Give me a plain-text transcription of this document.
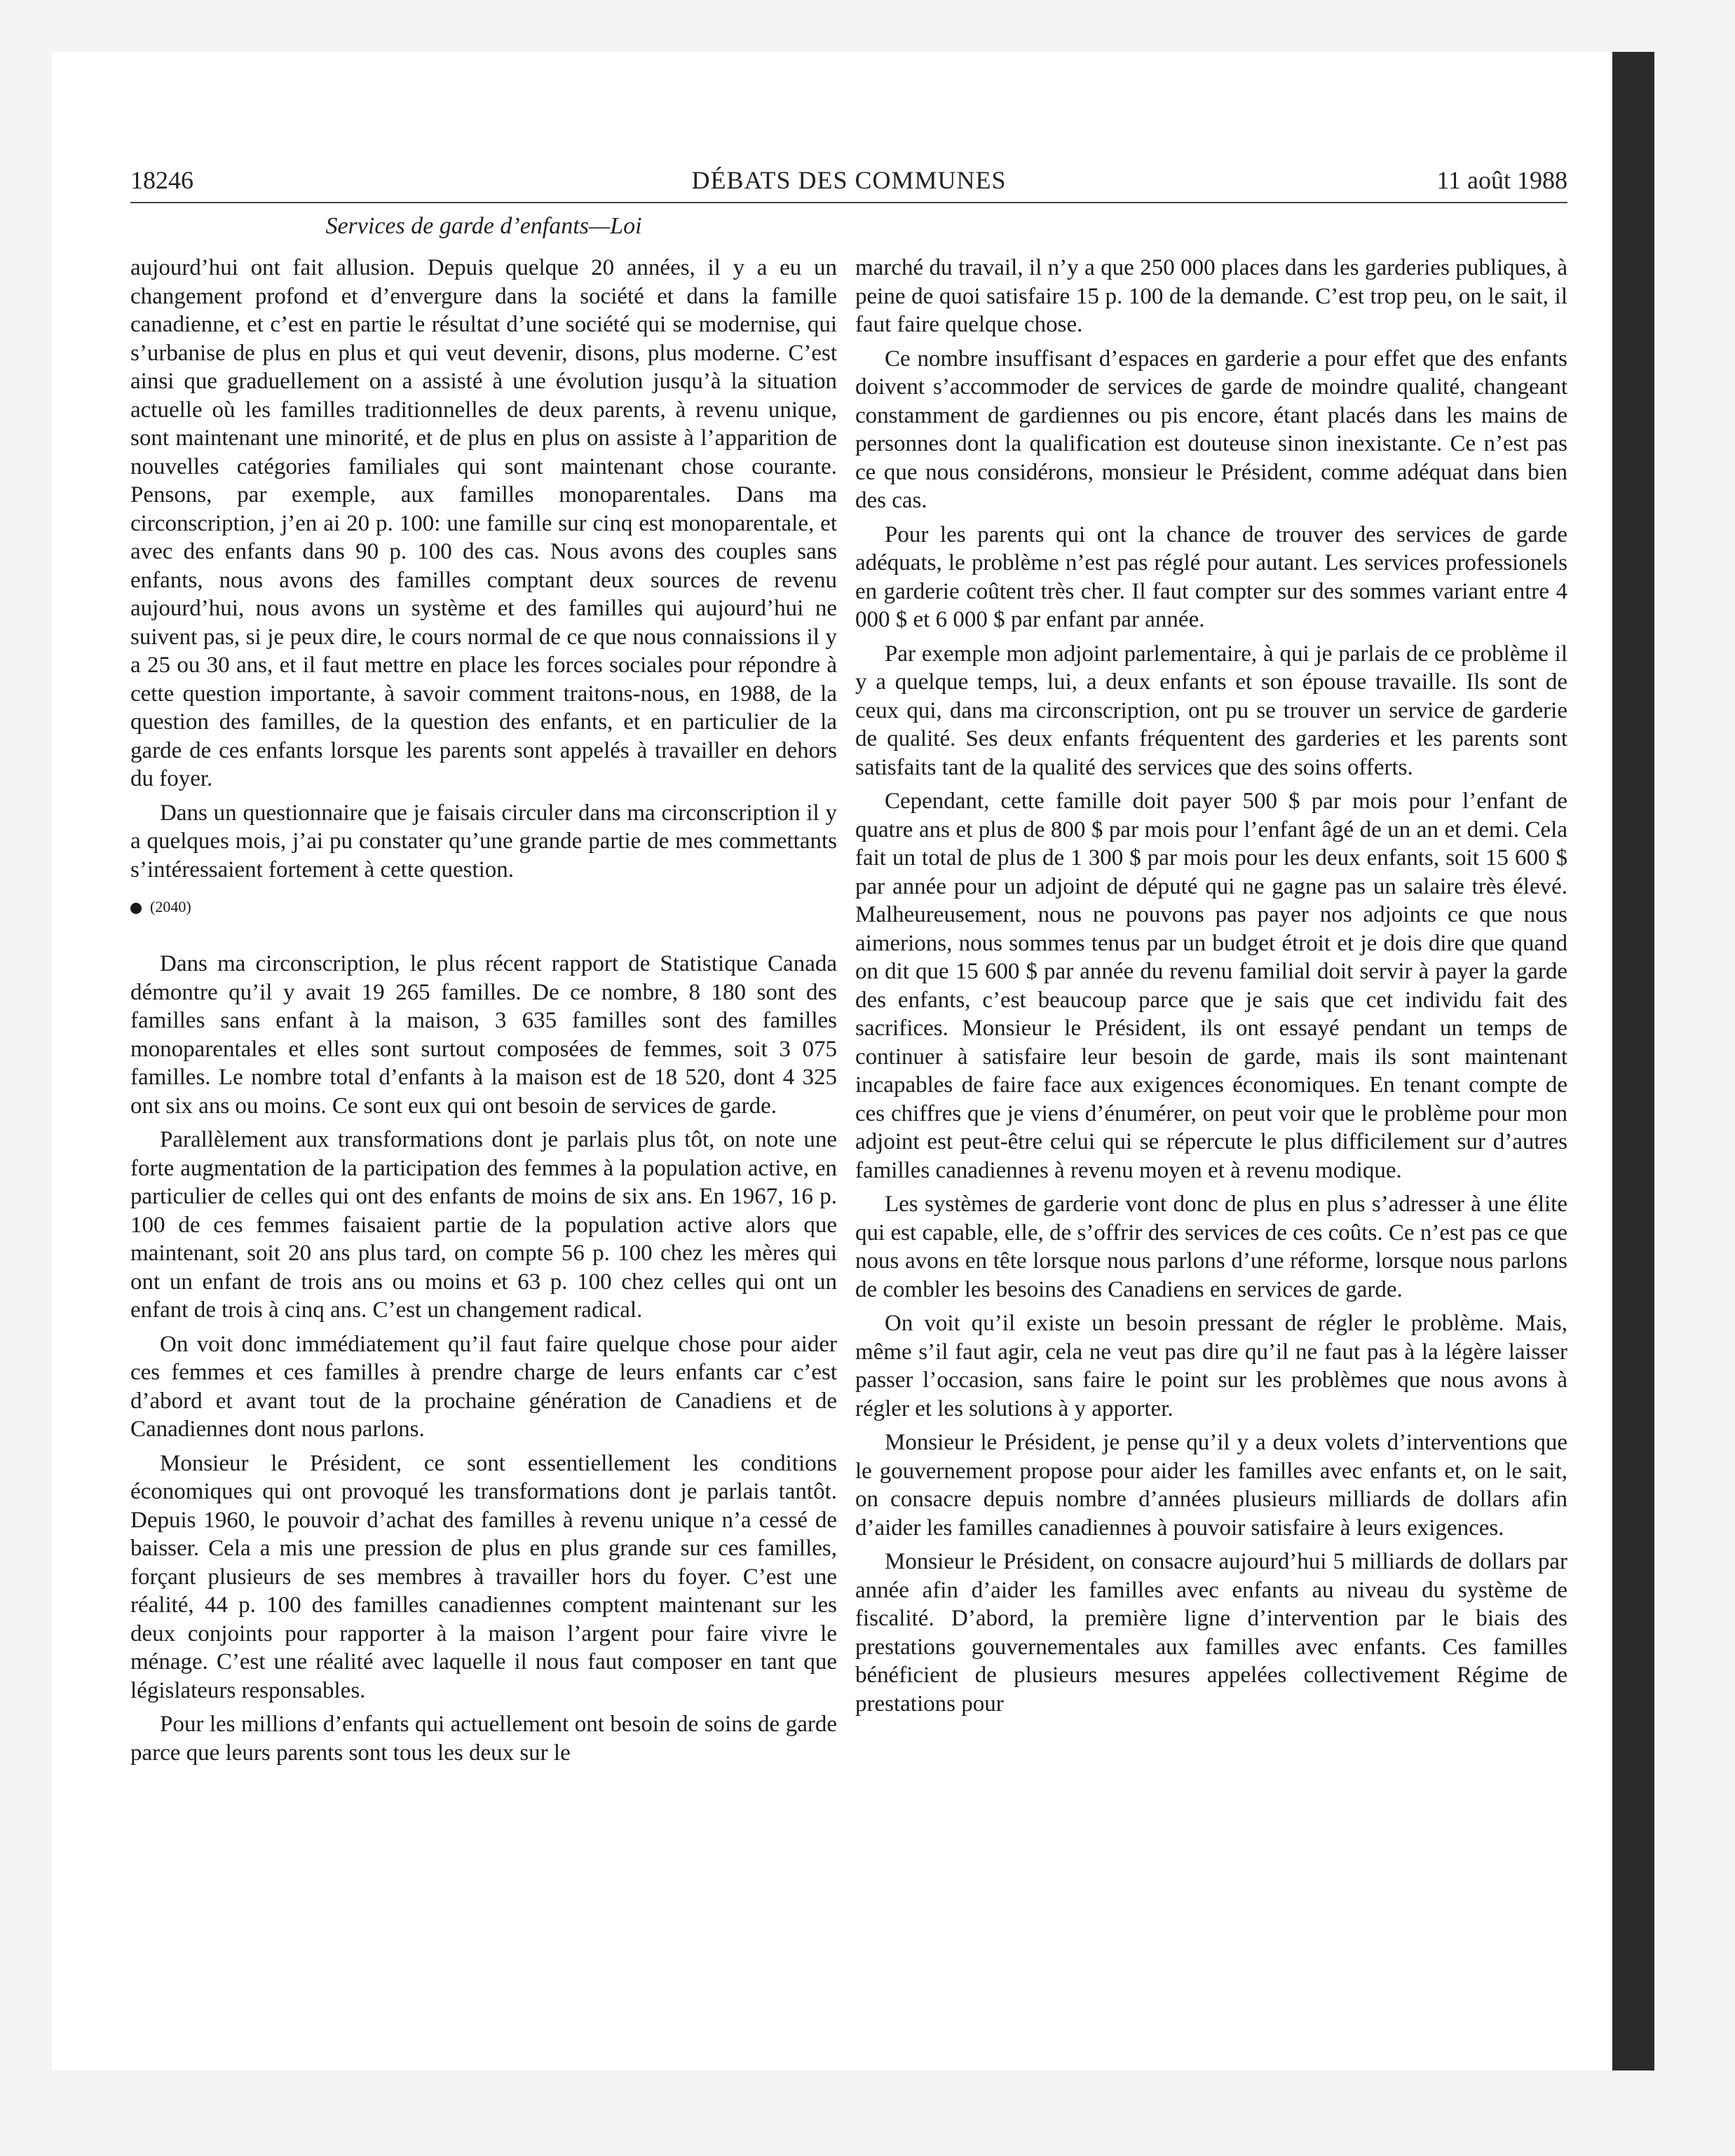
18246	DÉBATS DES COMMUNES	11 août 1988
Services de garde d’enfants—Loi

aujourd’hui ont fait allusion. Depuis quelque 20 années, il y a eu un changement profond et d’envergure dans la société et dans la famille canadienne, et c’est en partie le résultat d’une société qui se modernise, qui s’urbanise de plus en plus et qui veut devenir, disons, plus moderne. C’est ainsi que graduellement on a assisté à une évolution jusqu’à la situation actuelle où les familles traditionnelles de deux parents, à revenu unique, sont maintenant une minorité, et de plus en plus on assiste à l’apparition de nouvelles catégories familiales qui sont maintenant chose courante. Pensons, par exemple, aux familles monoparentales. Dans ma circonscription, j’en ai 20 p. 100: une famille sur cinq est monoparentale, et avec des enfants dans 90 p. 100 des cas. Nous avons des couples sans enfants, nous avons des familles comptant deux sources de revenu aujourd’hui, nous avons un système et des familles qui aujourd’hui ne suivent pas, si je peux dire, le cours normal de ce que nous connaissions il y a 25 ou 30 ans, et il faut mettre en place les forces sociales pour répondre à cette question importante, à savoir comment traitons-nous, en 1988, de la question des familles, de la question des enfants, et en particulier de la garde de ces enfants lorsque les parents sont appelés à travailler en dehors du foyer.

Dans un questionnaire que je faisais circuler dans ma circonscription il y a quelques mois, j’ai pu constater qu’une grande partie de mes commettants s’intéressaient fortement à cette question.

(2040)

Dans ma circonscription, le plus récent rapport de Statistique Canada démontre qu’il y avait 19 265 familles. De ce nombre, 8 180 sont des familles sans enfant à la maison, 3 635 familles sont des familles monoparentales et elles sont surtout composées de femmes, soit 3 075 familles. Le nombre total d’enfants à la maison est de 18 520, dont 4 325 ont six ans ou moins. Ce sont eux qui ont besoin de services de garde.

Parallèlement aux transformations dont je parlais plus tôt, on note une forte augmentation de la participation des femmes à la population active, en particulier de celles qui ont des enfants de moins de six ans. En 1967, 16 p. 100 de ces femmes faisaient partie de la population active alors que maintenant, soit 20 ans plus tard, on compte 56 p. 100 chez les mères qui ont un enfant de trois ans ou moins et 63 p. 100 chez celles qui ont un enfant de trois à cinq ans. C’est un changement radical.

On voit donc immédiatement qu’il faut faire quelque chose pour aider ces femmes et ces familles à prendre charge de leurs enfants car c’est d’abord et avant tout de la prochaine génération de Canadiens et de Canadiennes dont nous parlons.

Monsieur le Président, ce sont essentiellement les conditions économiques qui ont provoqué les transformations dont je parlais tantôt. Depuis 1960, le pouvoir d’achat des familles à revenu unique n’a cessé de baisser. Cela a mis une pression de plus en plus grande sur ces familles, forçant plusieurs de ses membres à travailler hors du foyer. C’est une réalité, 44 p. 100 des familles canadiennes comptent maintenant sur les deux conjoints pour rapporter à la maison l’argent pour faire vivre le ménage. C’est une réalité avec laquelle il nous faut composer en tant que législateurs responsables.

Pour les millions d’enfants qui actuellement ont besoin de soins de garde parce que leurs parents sont tous les deux sur le

marché du travail, il n’y a que 250 000 places dans les garderies publiques, à peine de quoi satisfaire 15 p. 100 de la demande. C’est trop peu, on le sait, il faut faire quelque chose.

Ce nombre insuffisant d’espaces en garderie a pour effet que des enfants doivent s’accommoder de services de garde de moindre qualité, changeant constamment de gardiennes ou pis encore, étant placés dans les mains de personnes dont la qualification est douteuse sinon inexistante. Ce n’est pas ce que nous considérons, monsieur le Président, comme adéquat dans bien des cas.

Pour les parents qui ont la chance de trouver des services de garde adéquats, le problème n’est pas réglé pour autant. Les services professionels en garderie coûtent très cher. Il faut compter sur des sommes variant entre 4 000 $ et 6 000 $ par enfant par année.

Par exemple mon adjoint parlementaire, à qui je parlais de ce problème il y a quelque temps, lui, a deux enfants et son épouse travaille. Ils sont de ceux qui, dans ma circonscription, ont pu se trouver un service de garderie de qualité. Ses deux enfants fréquentent des garderies et les parents sont satisfaits tant de la qualité des services que des soins offerts.

Cependant, cette famille doit payer 500 $ par mois pour l’enfant de quatre ans et plus de 800 $ par mois pour l’enfant âgé de un an et demi. Cela fait un total de plus de 1 300 $ par mois pour les deux enfants, soit 15 600 $ par année pour un adjoint de député qui ne gagne pas un salaire très élevé. Malheureusement, nous ne pouvons pas payer nos adjoints ce que nous aimerions, nous sommes tenus par un budget étroit et je dois dire que quand on dit que 15 600 $ par année du revenu familial doit servir à payer la garde des enfants, c’est beaucoup parce que je sais que cet individu fait des sacrifices. Monsieur le Président, ils ont essayé pendant un temps de continuer à satisfaire leur besoin de garde, mais ils sont maintenant incapables de faire face aux exigences économiques. En tenant compte de ces chiffres que je viens d’énumérer, on peut voir que le problème pour mon adjoint est peut-être celui qui se répercute le plus difficilement sur d’autres familles canadiennes à revenu moyen et à revenu modique.

Les systèmes de garderie vont donc de plus en plus s’adresser à une élite qui est capable, elle, de s’offrir des services de ces coûts. Ce n’est pas ce que nous avons en tête lorsque nous parlons d’une réforme, lorsque nous parlons de combler les besoins des Canadiens en services de garde.

On voit qu’il existe un besoin pressant de régler le problème. Mais, même s’il faut agir, cela ne veut pas dire qu’il ne faut pas à la légère laisser passer l’occasion, sans faire le point sur les problèmes que nous avons à régler et les solutions à y apporter.

Monsieur le Président, je pense qu’il y a deux volets d’interventions que le gouvernement propose pour aider les familles avec enfants et, on le sait, on consacre depuis nombre d’années plusieurs milliards de dollars afin d’aider les familles canadiennes à pouvoir satisfaire à leurs exigences.

Monsieur le Président, on consacre aujourd’hui 5 milliards de dollars par année afin d’aider les familles avec enfants au niveau du système de fiscalité. D’abord, la première ligne d’intervention par le biais des prestations gouvernementales aux familles avec enfants. Ces familles bénéficient de plusieurs mesures appelées collectivement Régime de prestations pour
